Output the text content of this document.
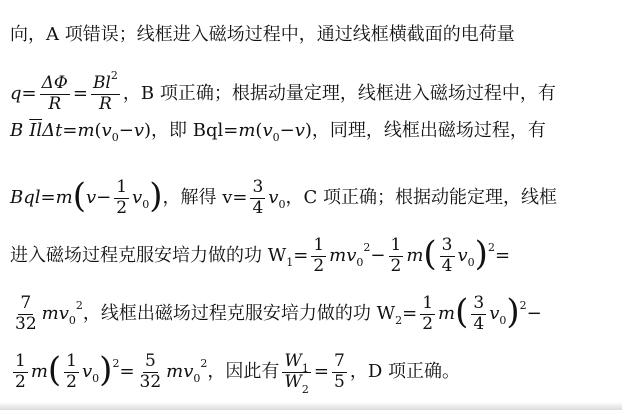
向，A 项错误；线框进入磁场过程中，通过线框横截面的电荷量
$q = \frac{\Delta\Phi}{R} = \frac{Bl2}{R}$ ，B 项正确；根据动量定理，线框进入磁场过程中，有
B $\overline{Il}$ Δt = m ( v 0 − v ) ，即 Bql = m ( v 0 − v ) ，同理，线框出磁场过程，有
Bql = m ( $v - \frac{1}{2}$ v 0 ) ，解得 $v = \frac{3}{4}$ v 0 ，C 项正确；根据动能定理，线框
进入磁场过程克服安培力做的功 W $1 = \frac{1}{2}$ mv 0
$2 - \frac{1}{2}$ m ( $\frac{3}{4}$ v 0 ) 2 =
$\frac{7}{32}$ mv 0
2 ，线框出磁场过程克服安培力做的功 W $2 = \frac{1}{2}$ m ( $\frac{3}{4}$ v 0 ) 2 −
$\frac{1}{2}$ m ( $\frac{1}{2}$ v 0 ) $2 = \frac{5}{32}$ mv 0
2 ，因此有 $\frac{W1}{W2} = \frac{7}{5}$ ，D 项正确。
